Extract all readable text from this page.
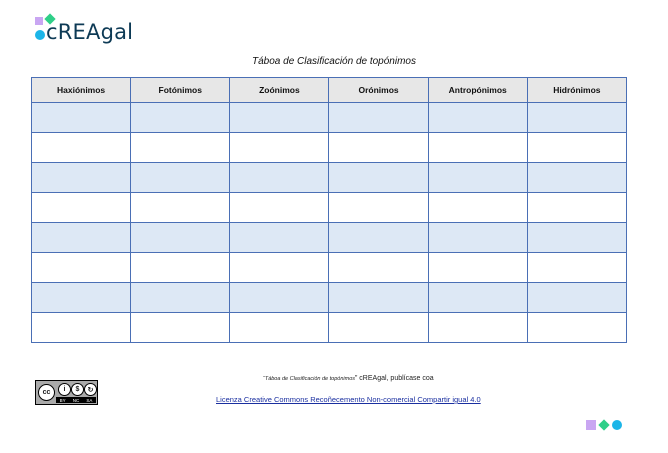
cREAgal
Táboa de Clasificación de topónimos
Haxiónimos	Fotónimos	Zoónimos	Orónimos	Antropónimos	Hidrónimos

cc	i	$	↻
BY NC SA
“Táboa de Clasificación de topónimos” cREAgal, publícase coa
Licenza Creative Commons Recoñecemento Non-comercial Compartir igual 4.0
